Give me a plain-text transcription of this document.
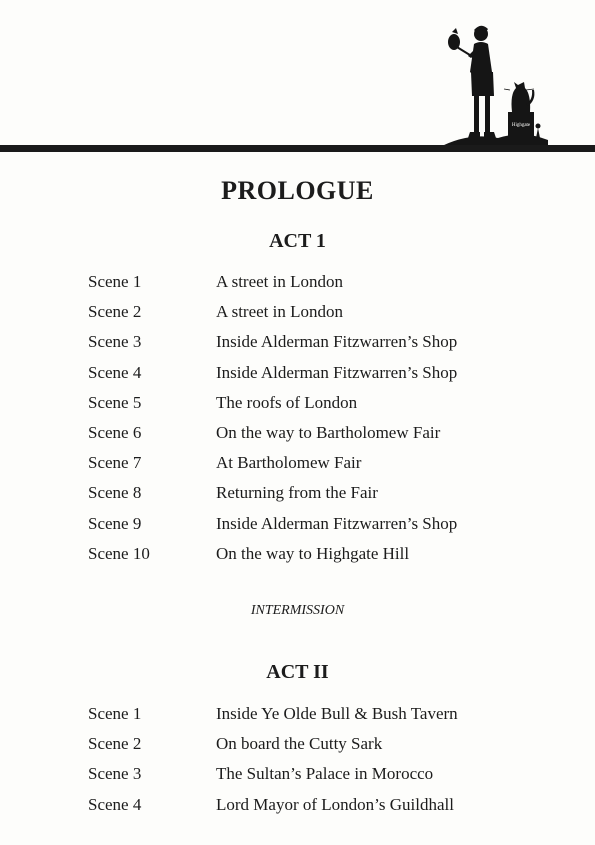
Highgate
PROLOGUE
ACT 1
Scene 1	A street in London
Scene 2	A street in London
Scene 3	Inside Alderman Fitzwarren’s Shop
Scene 4	Inside Alderman Fitzwarren’s Shop
Scene 5	The roofs of London
Scene 6	On the way to Bartholomew Fair
Scene 7	At Bartholomew Fair
Scene 8	Returning from the Fair
Scene 9	Inside Alderman Fitzwarren’s Shop
Scene 10	On the way to Highgate Hill
INTERMISSION
ACT II
Scene 1	Inside Ye Olde Bull & Bush Tavern
Scene 2	On board the Cutty Sark
Scene 3	The Sultan’s Palace in Morocco
Scene 4	Lord Mayor of London’s Guildhall
